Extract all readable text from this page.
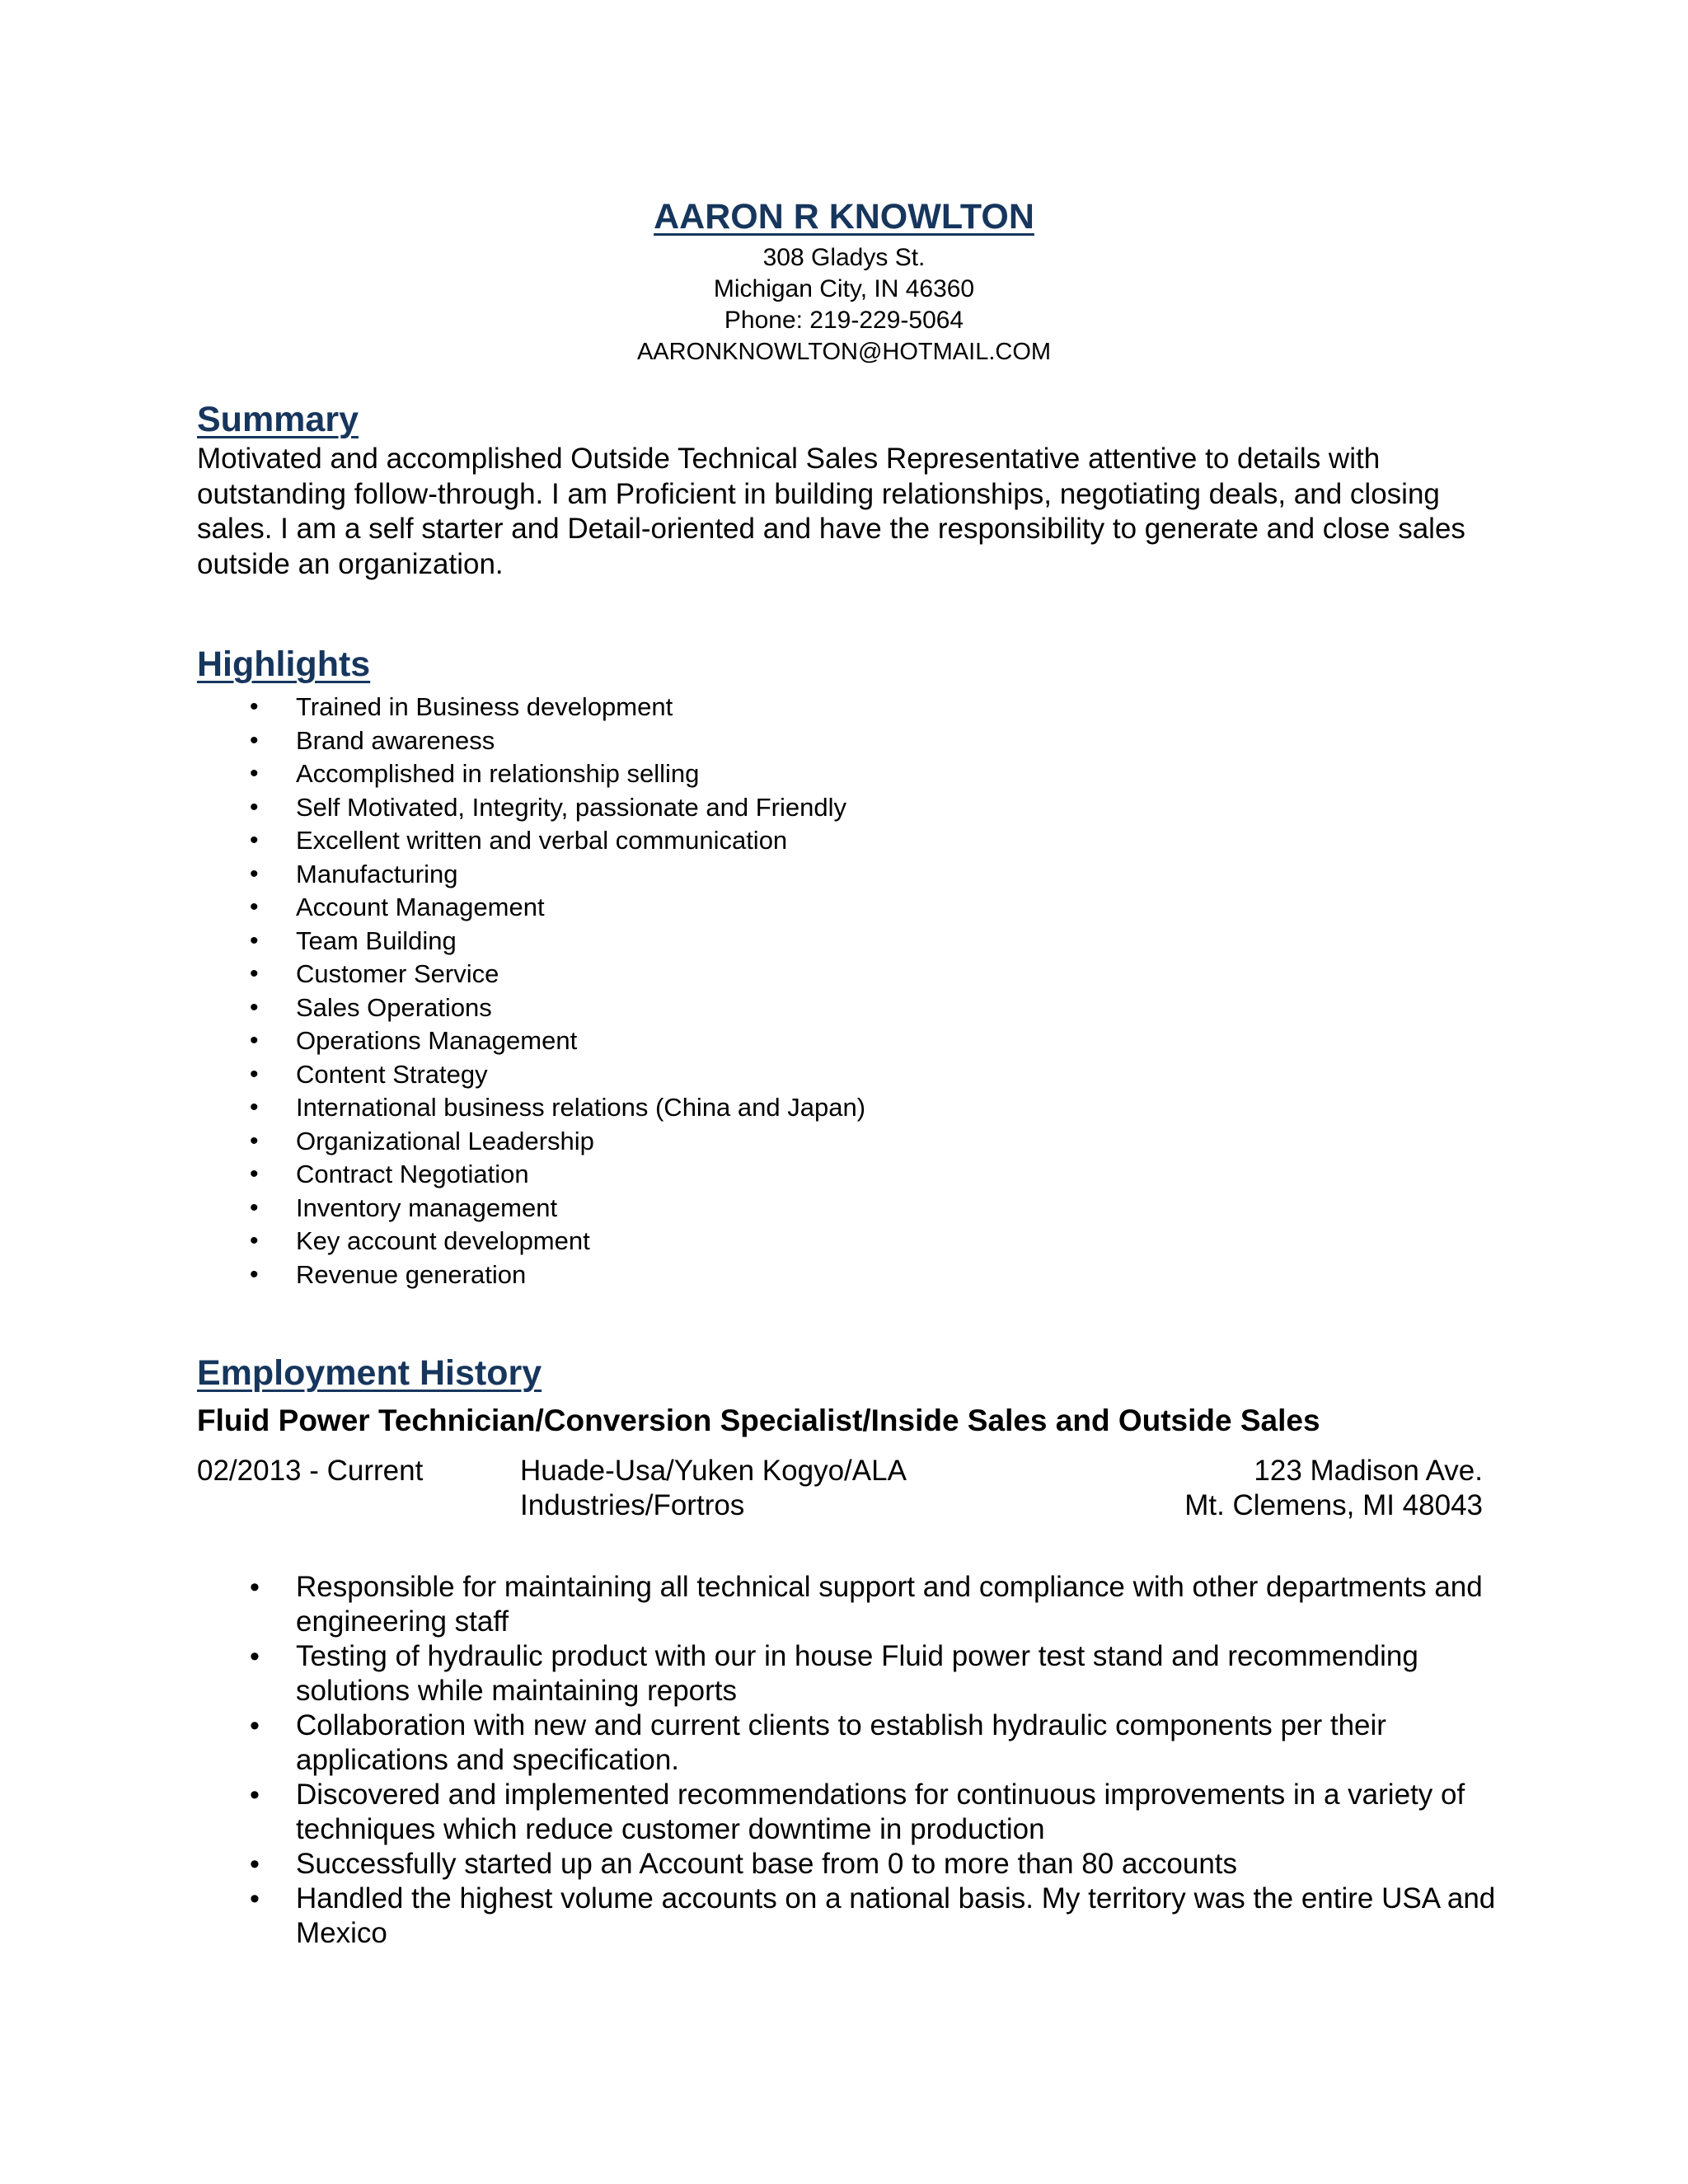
AARON R KNOWLTON

308 Gladys St.

Michigan City, IN 46360

Phone: 219-229-5064

AARONKNOWLTON@HOTMAIL.COM

Summary

Motivated and accomplished Outside Technical Sales Representative attentive to details with outstanding follow-through. I am Proficient in building relationships, negotiating deals, and closing sales. I am a self starter and Detail-oriented and have the responsibility to generate and close sales outside an organization.

Highlights
• Trained in Business development
• Brand awareness
• Accomplished in relationship selling
• Self Motivated, Integrity, passionate and Friendly
• Excellent written and verbal communication
• Manufacturing
• Account Management
• Team Building
• Customer Service
• Sales Operations
• Operations Management
• Content Strategy
• International business relations (China and Japan)
• Organizational Leadership
• Contract Negotiation
• Inventory management
• Key account development
• Revenue generation
Employment History

Fluid Power Technician/Conversion Specialist/Inside Sales and Outside Sales

02/2013 - Current	Huade-Usa/Yuken Kogyo/ALA
Industries/Fortros
123 Madison Ave.
Mt. Clemens, MI 48043
• Responsible for maintaining all technical support and compliance with other departments and engineering staff
• Testing of hydraulic product with our in house Fluid power test stand and recommending solutions while maintaining reports
• Collaboration with new and current clients to establish hydraulic components per their applications and specification.
• Discovered and implemented recommendations for continuous improvements in a variety of techniques which reduce customer downtime in production
• Successfully started up an Account base from 0 to more than 80 accounts
• Handled the highest volume accounts on a national basis. My territory was the entire USA and Mexico
